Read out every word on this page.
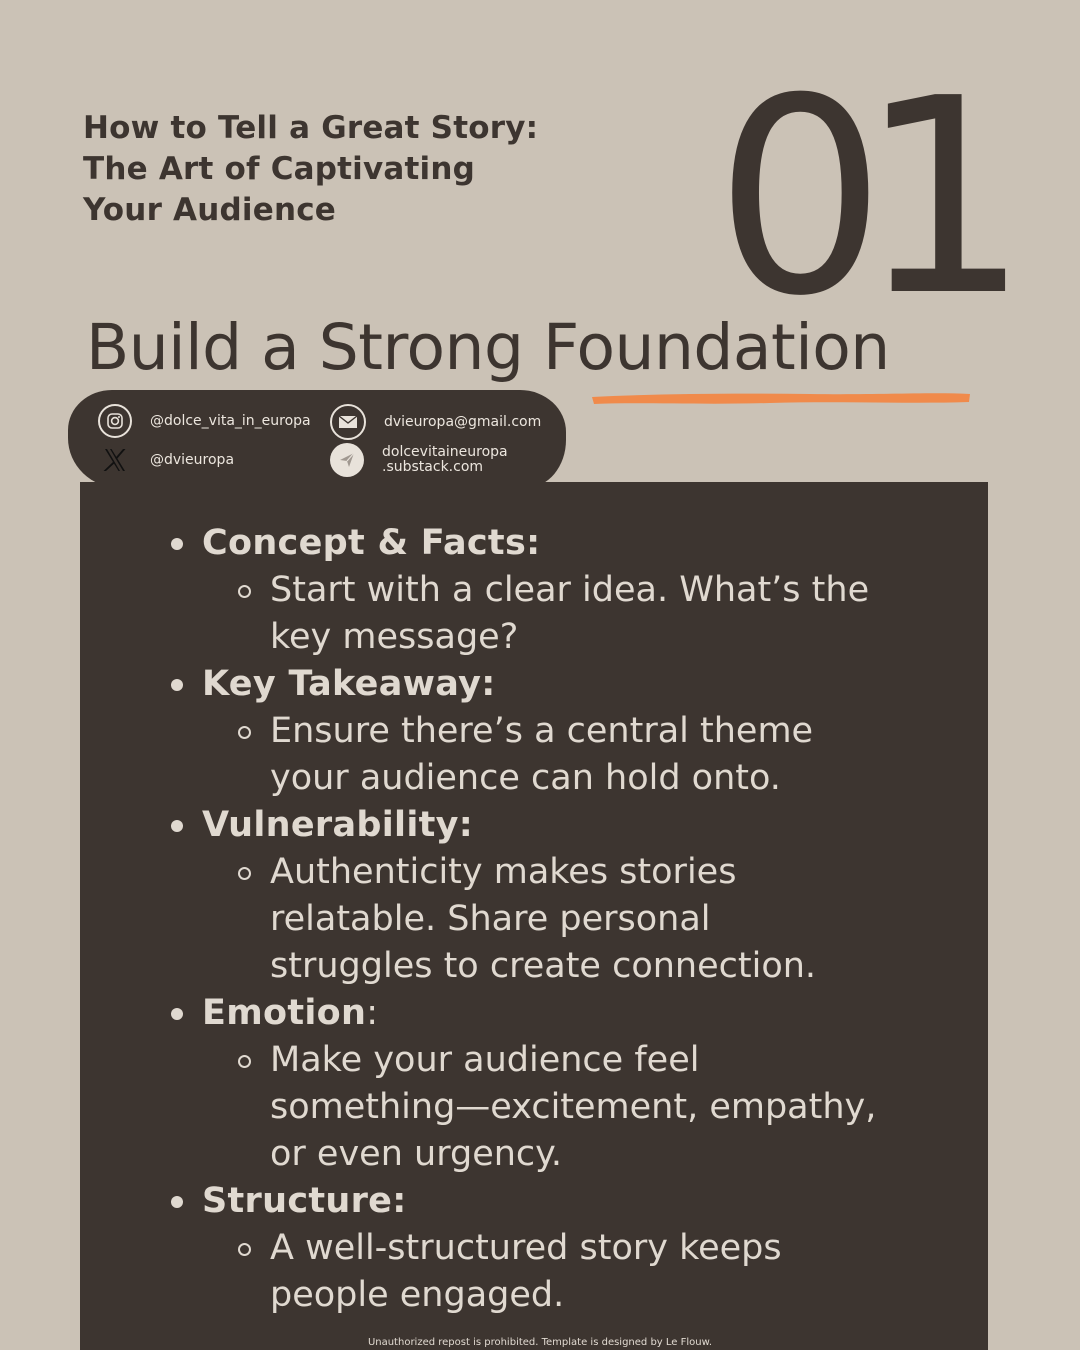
How to Tell a Great Story:
The Art of Captivating
Your Audience	01
Build a Strong Foundation
@dolce_vita_in_europa
@dvieuropa
dvieuropa@gmail.com
dolcevitaineuropa
.substack.com
Concept & Facts:
Start with a clear idea. What’s the
key message?
Key Takeaway:
Ensure there’s a central theme
your audience can hold onto.
Vulnerability:
Authenticity makes stories
relatable. Share personal
struggles to create connection.
Emotion:
Make your audience feel
something—excitement, empathy,
or even urgency.
Structure:
A well-structured story keeps
people engaged.
Unauthorized repost is prohibited. Template is designed by Le Flouw.
